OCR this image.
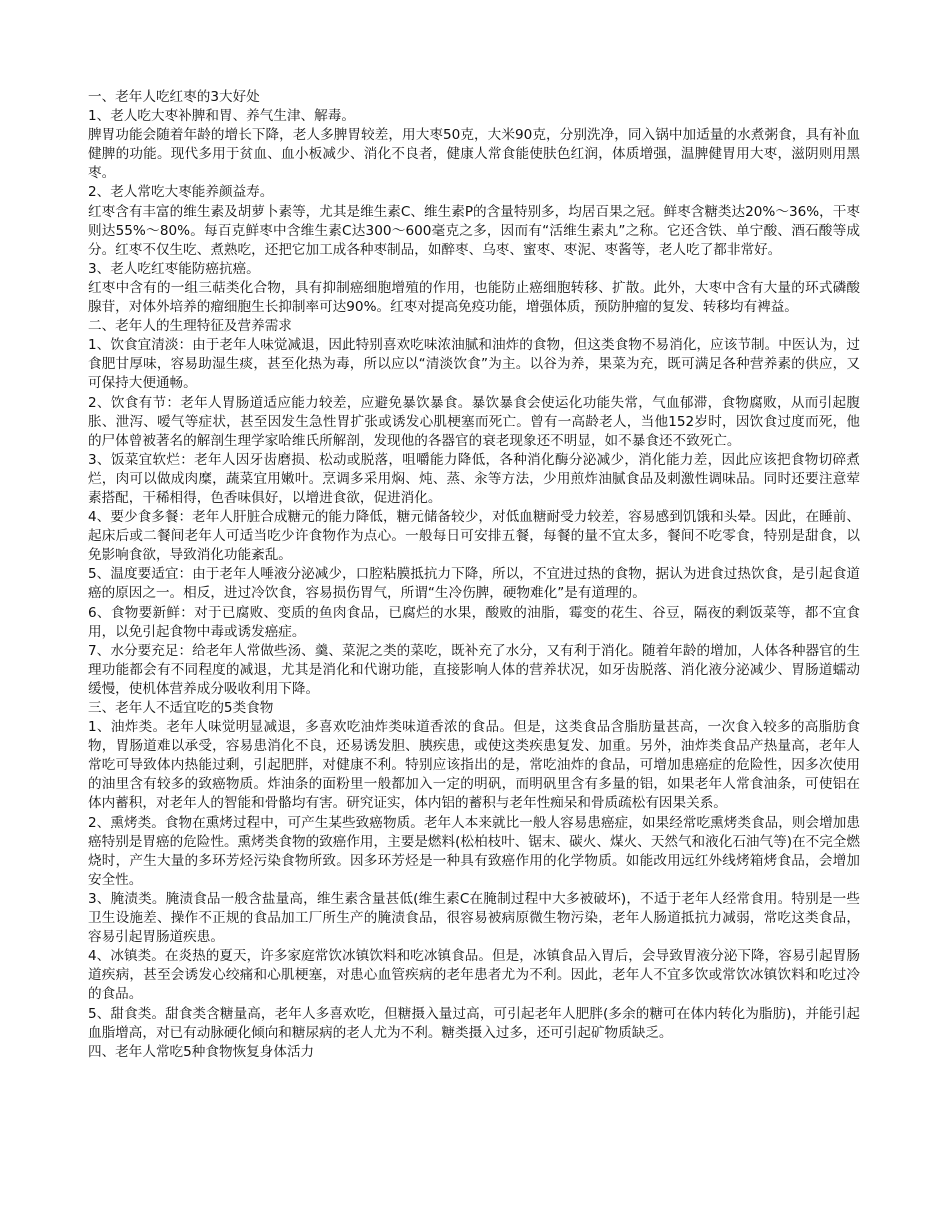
一、老年人吃红枣的3大好处

1、老人吃大枣补脾和胃、养气生津、解毒。

脾胃功能会随着年龄的增长下降，老人多脾胃较差，用大枣50克，大米90克，分别洗净，同入锅中加适量的水煮粥食，具有补血健脾的功能。现代多用于贫血、血小板减少、消化不良者，健康人常食能使肤色红润，体质增强，温脾健胃用大枣，滋阴则用黑枣。

2、老人常吃大枣能养颜益寿。

红枣含有丰富的维生素及胡萝卜素等，尤其是维生素C、维生素P的含量特别多，均居百果之冠。鲜枣含糖类达20%～36%，干枣则达55%～80%。每百克鲜枣中含维生素C达300～600毫克之多，因而有“活维生素丸”之称。它还含铁、单宁酸、酒石酸等成分。红枣不仅生吃、煮熟吃，还把它加工成各种枣制品，如醉枣、乌枣、蜜枣、枣泥、枣酱等，老人吃了都非常好。

3、老人吃红枣能防癌抗癌。

红枣中含有的一组三萜类化合物，具有抑制癌细胞增殖的作用，也能防止癌细胞转移、扩散。此外，大枣中含有大量的环式磷酸腺苷，对体外培养的瘤细胞生长抑制率可达90%。红枣对提高免疫功能，增强体质，预防肿瘤的复发、转移均有裨益。

二、老年人的生理特征及营养需求

1、饮食宜清淡：由于老年人味觉减退，因此特别喜欢吃味浓油腻和油炸的食物，但这类食物不易消化，应该节制。中医认为，过食肥甘厚味，容易助湿生痰，甚至化热为毒，所以应以“清淡饮食”为主。以谷为养，果菜为充，既可满足各种营养素的供应，又可保持大便通畅。

2、饮食有节：老年人胃肠道适应能力较差，应避免暴饮暴食。暴饮暴食会使运化功能失常，气血郁滞，食物腐败，从而引起腹胀、泄泻、嗳气等症状，甚至因发生急性胃扩张或诱发心肌梗塞而死亡。曾有一高龄老人，当他152岁时，因饮食过度而死，他的尸体曾被著名的解剖生理学家哈维氏所解剖，发现他的各器官的衰老现象还不明显，如不暴食还不致死亡。

3、饭菜宜软烂：老年人因牙齿磨损、松动或脱落，咀嚼能力降低，各种消化酶分泌减少，消化能力差，因此应该把食物切碎煮烂，肉可以做成肉糜，蔬菜宜用嫩叶。烹调多采用焖、炖、蒸、汆等方法，少用煎炸油腻食品及刺激性调味品。同时还要注意荤素搭配，干稀相得，色香味俱好，以增进食欲，促进消化。

4、要少食多餐：老年人肝脏合成糖元的能力降低，糖元储备较少，对低血糖耐受力较差，容易感到饥饿和头晕。因此，在睡前、起床后或二餐间老年人可适当吃少许食物作为点心。一般每日可安排五餐，每餐的量不宜太多，餐间不吃零食，特别是甜食，以免影响食欲，导致消化功能紊乱。

5、温度要适宜：由于老年人唾液分泌减少，口腔粘膜抵抗力下降，所以，不宜进过热的食物，据认为进食过热饮食，是引起食道癌的原因之一。相反，进过冷饮食，容易损伤胃气，所谓“生冷伤脾，硬物难化”是有道理的。

6、食物要新鲜：对于已腐败、变质的鱼肉食品，已腐烂的水果，酸败的油脂，霉变的花生、谷豆，隔夜的剩饭菜等，都不宜食用，以免引起食物中毒或诱发癌症。

7、水分要充足：给老年人常做些汤、羹、菜泥之类的菜吃，既补充了水分，又有利于消化。随着年龄的增加，人体各种器官的生理功能都会有不同程度的减退，尤其是消化和代谢功能，直接影响人体的营养状况，如牙齿脱落、消化液分泌减少、胃肠道蠕动缓慢，使机体营养成分吸收利用下降。

三、老年人不适宜吃的5类食物

1、油炸类。老年人味觉明显减退，多喜欢吃油炸类味道香浓的食品。但是，这类食品含脂肪量甚高，一次食入较多的高脂肪食物，胃肠道难以承受，容易患消化不良，还易诱发胆、胰疾患，或使这类疾患复发、加重。另外，油炸类食品产热量高，老年人常吃可导致体内热能过剩，引起肥胖，对健康不利。特别应该指出的是，常吃油炸的食品，可增加患癌症的危险性，因多次使用的油里含有较多的致癌物质。炸油条的面粉里一般都加入一定的明矾，而明矾里含有多量的铝，如果老年人常食油条，可使铝在体内蓄积，对老年人的智能和骨骼均有害。研究证实，体内铝的蓄积与老年性痴呆和骨质疏松有因果关系。

2、熏烤类。食物在熏烤过程中，可产生某些致癌物质。老年人本来就比一般人容易患癌症，如果经常吃熏烤类食品，则会增加患癌特别是胃癌的危险性。熏烤类食物的致癌作用，主要是燃料(松柏枝叶、锯末、碳火、煤火、天然气和液化石油气等)在不完全燃烧时，产生大量的多环芳烃污染食物所致。因多环芳烃是一种具有致癌作用的化学物质。如能改用远红外线烤箱烤食品，会增加安全性。

3、腌渍类。腌渍食品一般含盐量高，维生素含量甚低(维生素C在腌制过程中大多被破坏)，不适于老年人经常食用。特别是一些卫生设施差、操作不正规的食品加工厂所生产的腌渍食品，很容易被病原微生物污染，老年人肠道抵抗力减弱，常吃这类食品，容易引起胃肠道疾患。

4、冰镇类。在炎热的夏天，许多家庭常饮冰镇饮料和吃冰镇食品。但是，冰镇食品入胃后，会导致胃液分泌下降，容易引起胃肠道疾病，甚至会诱发心绞痛和心肌梗塞，对患心血管疾病的老年患者尤为不利。因此，老年人不宜多饮或常饮冰镇饮料和吃过冷的食品。

5、甜食类。甜食类含糖量高，老年人多喜欢吃，但糖摄入量过高，可引起老年人肥胖(多余的糖可在体内转化为脂肪)，并能引起血脂增高，对已有动脉硬化倾向和糖尿病的老人尤为不利。糖类摄入过多，还可引起矿物质缺乏。

四、老年人常吃5种食物恢复身体活力
